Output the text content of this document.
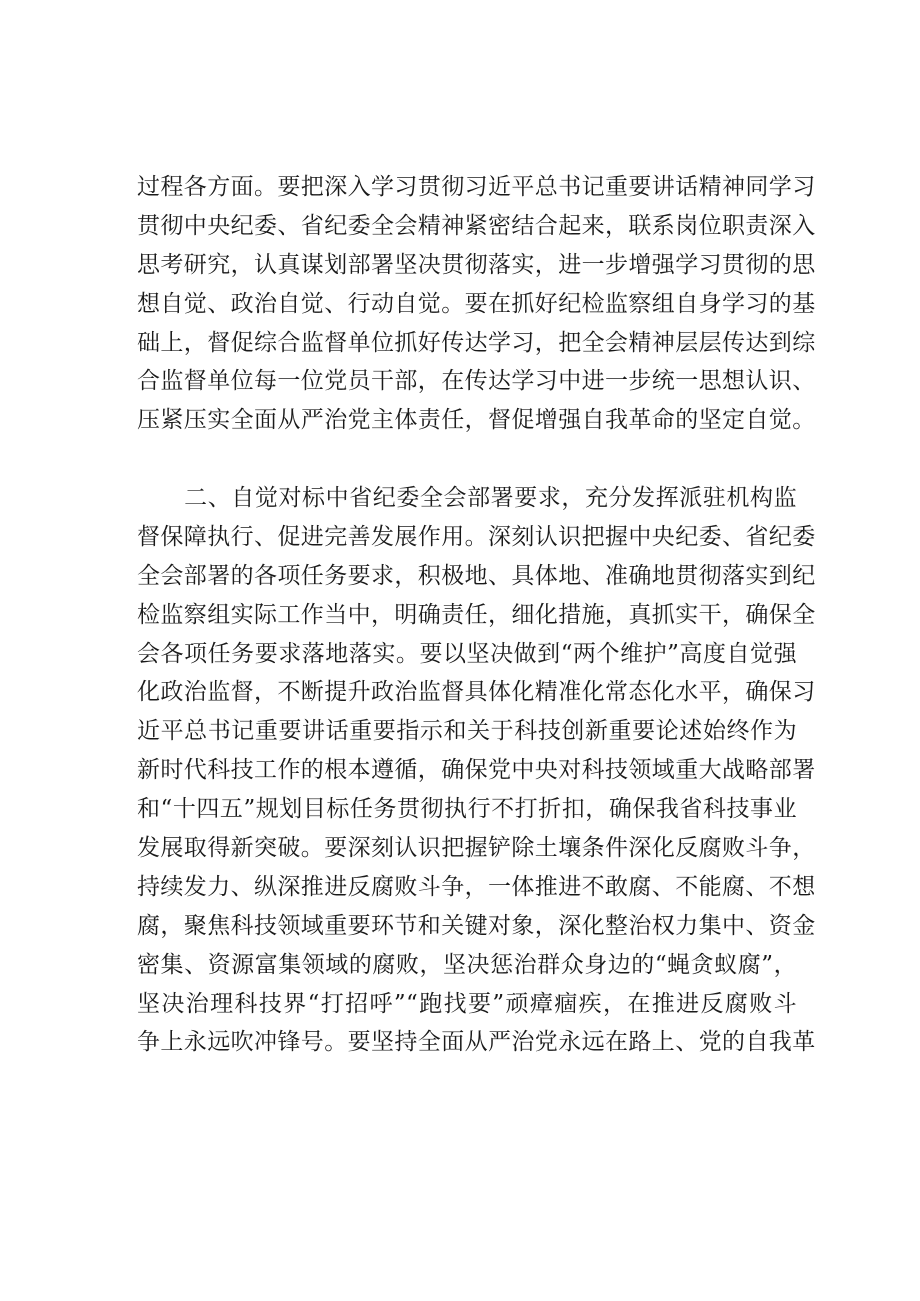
过程各方面。要把深入学习贯彻习近平总书记重要讲话精神同学习
贯彻中央纪委、省纪委全会精神紧密结合起来，联系岗位职责深入
思考研究，认真谋划部署坚决贯彻落实，进一步增强学习贯彻的思
想自觉、政治自觉、行动自觉。要在抓好纪检监察组自身学习的基
础上，督促综合监督单位抓好传达学习，把全会精神层层传达到综
合监督单位每一位党员干部，在传达学习中进一步统一思想认识、
压紧压实全面从严治党主体责任，督促增强自我革命的坚定自觉。
　　二、自觉对标中省纪委全会部署要求，充分发挥派驻机构监
督保障执行、促进完善发展作用。深刻认识把握中央纪委、省纪委
全会部署的各项任务要求，积极地、具体地、准确地贯彻落实到纪
检监察组实际工作当中，明确责任，细化措施，真抓实干，确保全
会各项任务要求落地落实。要以坚决做到“两个维护”高度自觉强
化政治监督，不断提升政治监督具体化精准化常态化水平，确保习
近平总书记重要讲话重要指示和关于科技创新重要论述始终作为
新时代科技工作的根本遵循，确保党中央对科技领域重大战略部署
和“十四五”规划目标任务贯彻执行不打折扣，确保我省科技事业
发展取得新突破。要深刻认识把握铲除土壤条件深化反腐败斗争，
持续发力、纵深推进反腐败斗争，一体推进不敢腐、不能腐、不想
腐，聚焦科技领域重要环节和关键对象，深化整治权力集中、资金
密集、资源富集领域的腐败，坚决惩治群众身边的“蝇贪蚁腐”，
坚决治理科技界“打招呼”“跑找要”顽瘴痼疾，在推进反腐败斗
争上永远吹冲锋号。要坚持全面从严治党永远在路上、党的自我革
